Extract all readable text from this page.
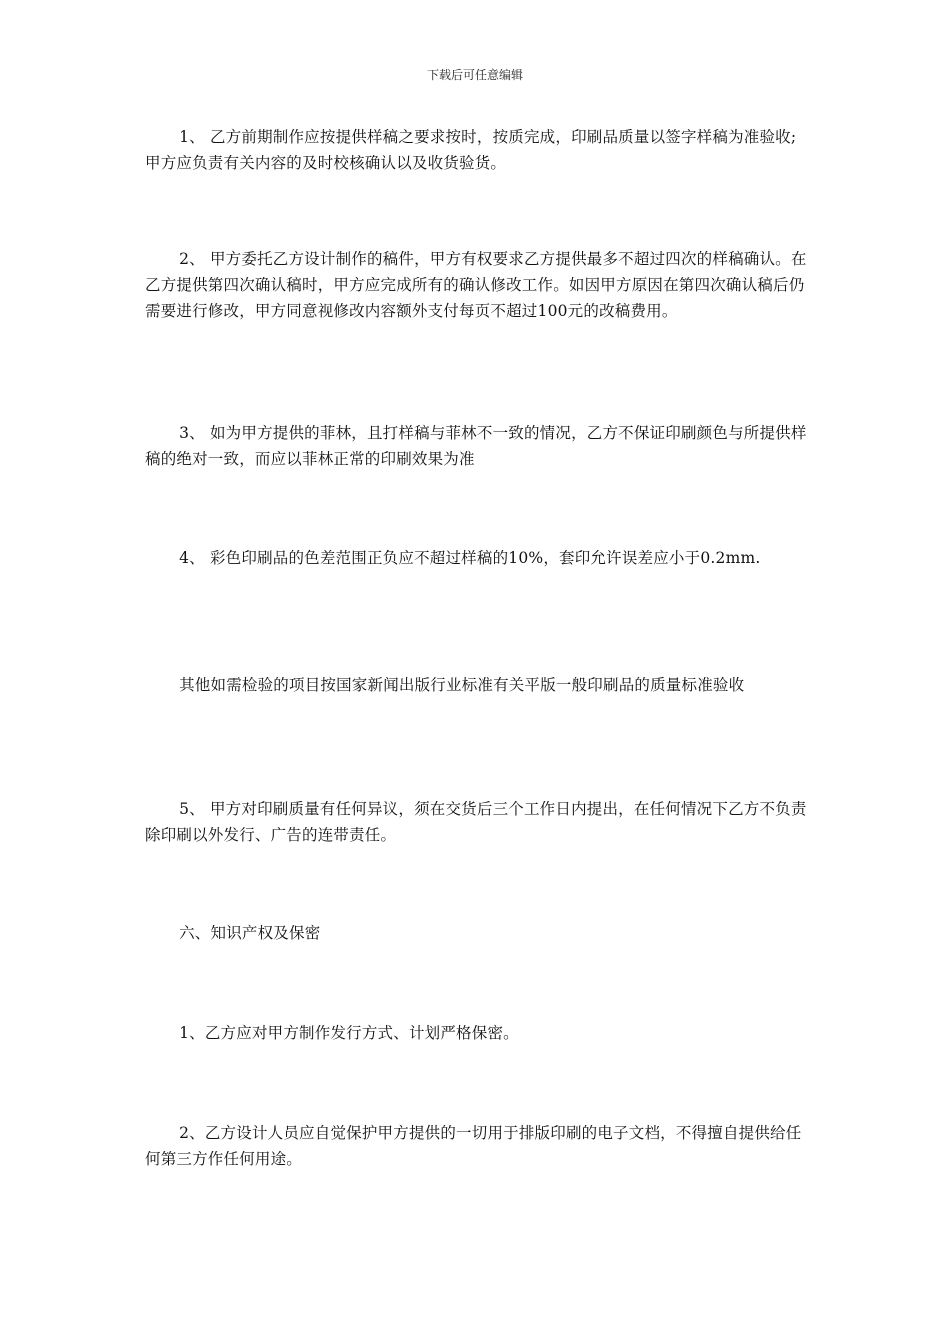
下载后可任意编辑

1、 乙方前期制作应按提供样稿之要求按时，按质完成，印刷品质量以签字样稿为准验收;甲方应负责有关内容的及时校核确认以及收货验货。

2、 甲方委托乙方设计制作的稿件，甲方有权要求乙方提供最多不超过四次的样稿确认。在乙方提供第四次确认稿时，甲方应完成所有的确认修改工作。如因甲方原因在第四次确认稿后仍需要进行修改，甲方同意视修改内容额外支付每页不超过100元的改稿费用。

3、 如为甲方提供的菲林，且打样稿与菲林不一致的情况，乙方不保证印刷颜色与所提供样稿的绝对一致，而应以菲林正常的印刷效果为准

4、 彩色印刷品的色差范围正负应不超过样稿的10%，套印允许误差应小于0.2mm.

其他如需检验的项目按国家新闻出版行业标准有关平版一般印刷品的质量标准验收

5、 甲方对印刷质量有任何异议，须在交货后三个工作日内提出，在任何情况下乙方不负责除印刷以外发行、广告的连带责任。

六、知识产权及保密

1、乙方应对甲方制作发行方式、计划严格保密。

2、乙方设计人员应自觉保护甲方提供的一切用于排版印刷的电子文档，不得擅自提供给任何第三方作任何用途。
